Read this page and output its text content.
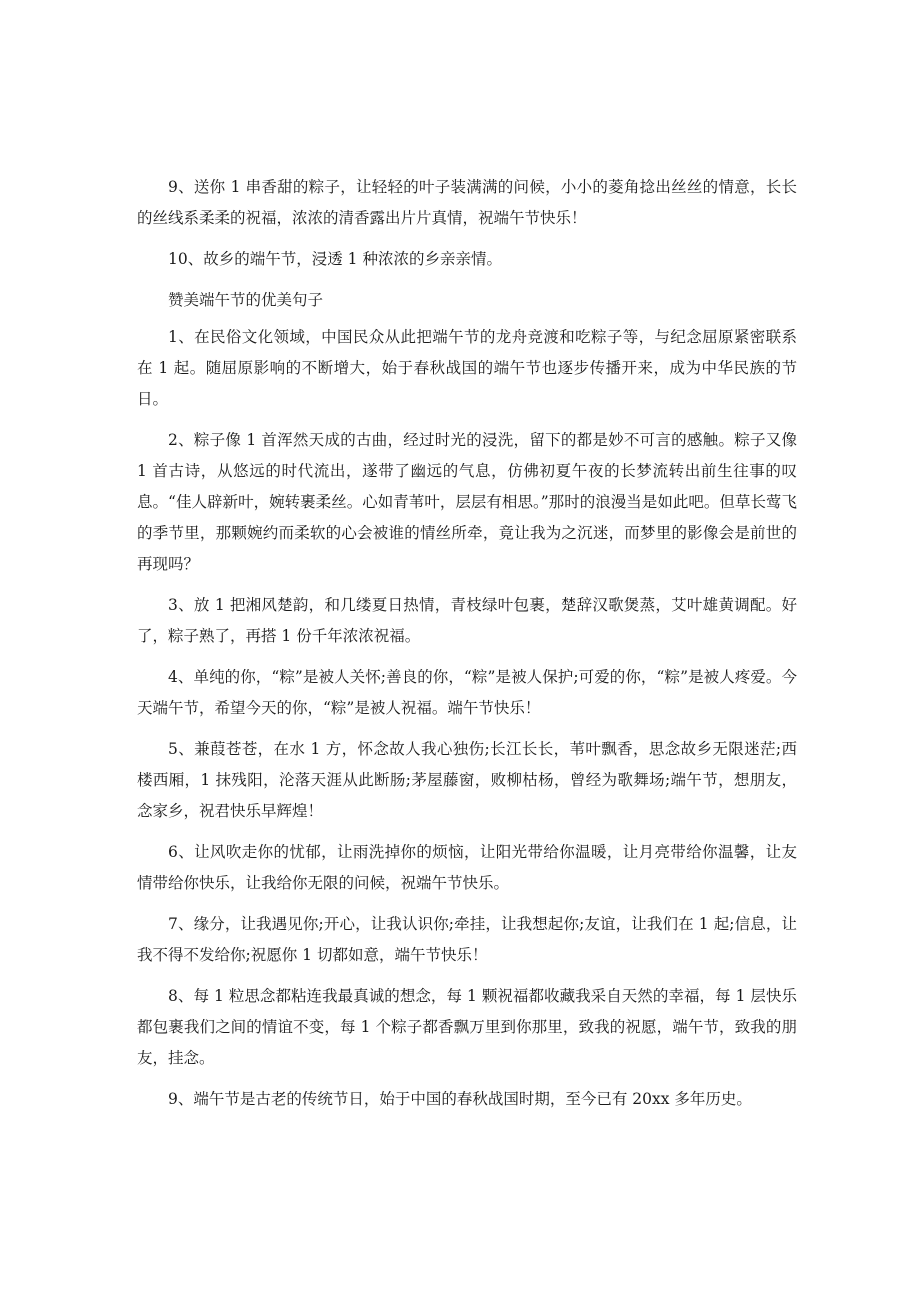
9、送你 1 串香甜的粽子，让轻轻的叶子装满满的问候，小小的菱角捻出丝丝的情意，长长的丝线系柔柔的祝福，浓浓的清香露出片片真情，祝端午节快乐！

10、故乡的端午节，浸透 1 种浓浓的乡亲亲情。

赞美端午节的优美句子

1、在民俗文化领域，中国民众从此把端午节的龙舟竞渡和吃粽子等，与纪念屈原紧密联系在 1 起。随屈原影响的不断增大，始于春秋战国的端午节也逐步传播开来，成为中华民族的节日。

2、粽子像 1 首浑然天成的古曲，经过时光的浸洗，留下的都是妙不可言的感触。粽子又像 1 首古诗，从悠远的时代流出，遂带了幽远的气息，仿佛初夏午夜的长梦流转出前生往事的叹息。“佳人辟新叶，婉转裹柔丝。心如青苇叶，层层有相思。”那时的浪漫当是如此吧。但草长莺飞的季节里，那颗婉约而柔软的心会被谁的情丝所牵，竟让我为之沉迷，而梦里的影像会是前世的再现吗？

3、放 1 把湘风楚韵，和几缕夏日热情，青枝绿叶包裹，楚辞汉歌煲蒸，艾叶雄黄调配。好了，粽子熟了，再搭 1 份千年浓浓祝福。

4、单纯的你，“粽”是被人关怀;善良的你，“粽”是被人保护;可爱的你，“粽”是被人疼爱。今天端午节，希望今天的你，“粽”是被人祝福。端午节快乐！

5、兼葭苍苍，在水 1 方，怀念故人我心独伤;长江长长，苇叶飘香，思念故乡无限迷茫;西楼西厢，1 抹残阳，沦落天涯从此断肠;茅屋藤窗，败柳枯杨，曾经为歌舞场;端午节，想朋友，念家乡，祝君快乐早辉煌！

6、让风吹走你的忧郁，让雨洗掉你的烦恼，让阳光带给你温暖，让月亮带给你温馨，让友情带给你快乐，让我给你无限的问候，祝端午节快乐。

7、缘分，让我遇见你;开心，让我认识你;牵挂，让我想起你;友谊，让我们在 1 起;信息，让我不得不发给你;祝愿你 1 切都如意，端午节快乐！

8、每 1 粒思念都粘连我最真诚的想念，每 1 颗祝福都收藏我采自天然的幸福，每 1 层快乐都包裹我们之间的情谊不变，每 1 个粽子都香飘万里到你那里，致我的祝愿，端午节，致我的朋友，挂念。

9、端午节是古老的传统节日，始于中国的春秋战国时期，至今已有 20xx 多年历史。
